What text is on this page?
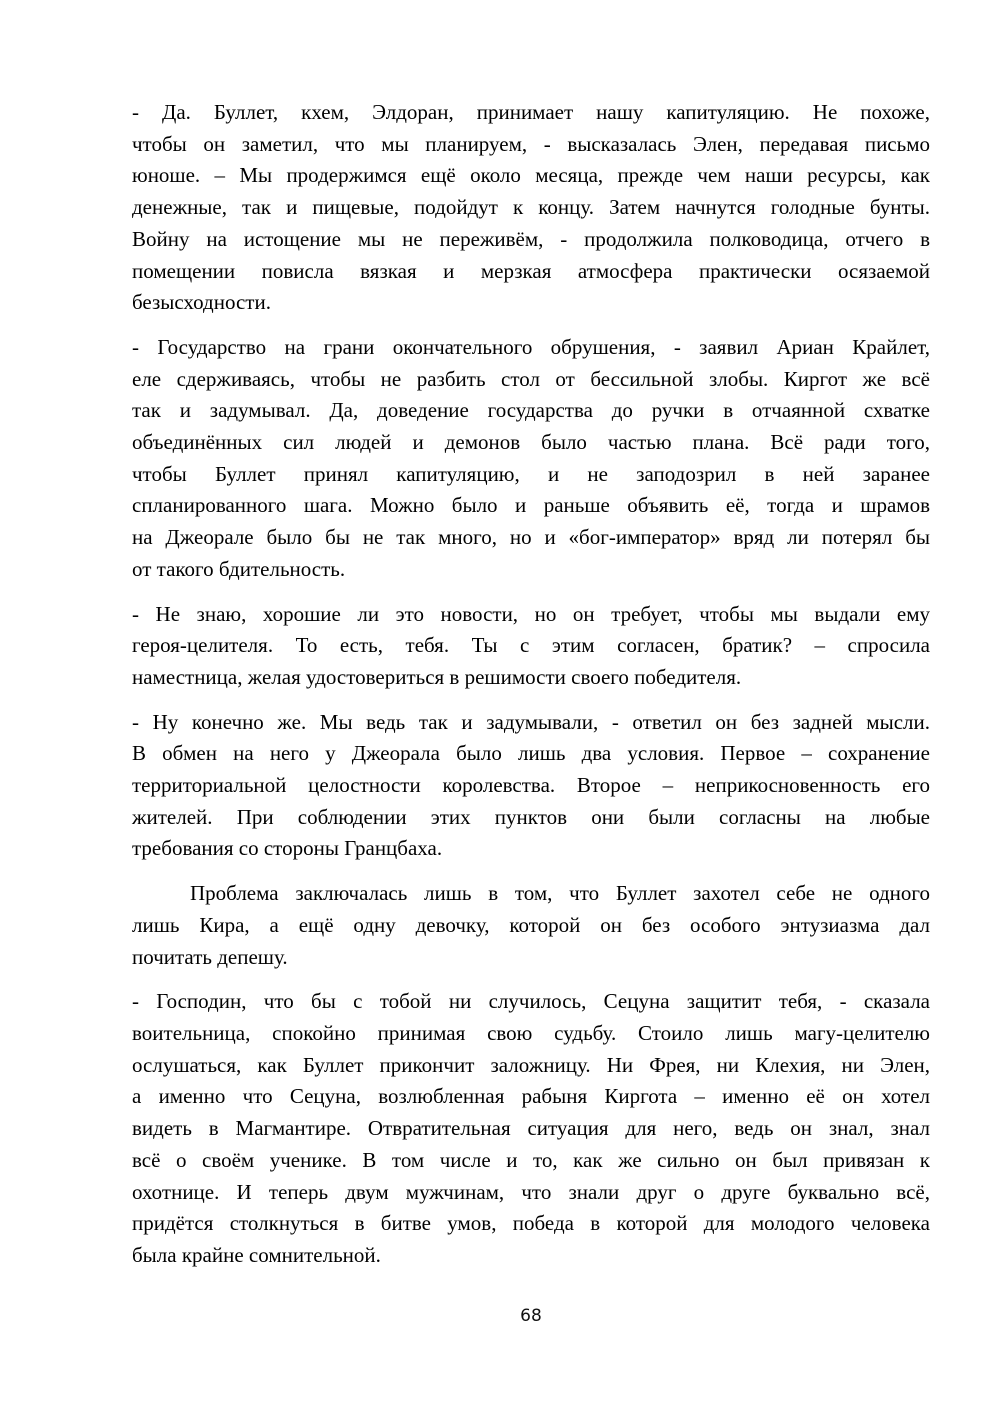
- Да. Буллет, кхем, Элдоран, принимает нашу капитуляцию. Не похоже,
чтобы он заметил, что мы планируем, - высказалась Элен, передавая письмо
юноше. – Мы продержимся ещё около месяца, прежде чем наши ресурсы, как
денежные, так и пищевые, подойдут к концу. Затем начнутся голодные бунты.
Войну на истощение мы не переживём, - продолжила полководица, отчего в
помещении повисла вязкая и мерзкая атмосфера практически осязаемой
безысходности.

- Государство на грани окончательного обрушения, - заявил Ариан Крайлет,
еле сдерживаясь, чтобы не разбить стол от бессильной злобы. Киргот же всё
так и задумывал. Да, доведение государства до ручки в отчаянной схватке
объединённых сил людей и демонов было частью плана. Всё ради того,
чтобы Буллет принял капитуляцию, и не заподозрил в ней заранее
спланированного шага. Можно было и раньше объявить её, тогда и шрамов
на Джеорале было бы не так много, но и «бог-император» вряд ли потерял бы
от такого бдительность.

- Не знаю, хорошие ли это новости, но он требует, чтобы мы выдали ему
героя-целителя. То есть, тебя. Ты с этим согласен, братик? – спросила
наместница, желая удостовериться в решимости своего победителя.

- Ну конечно же. Мы ведь так и задумывали, - ответил он без задней мысли.
В обмен на него у Джеорала было лишь два условия. Первое – сохранение
территориальной целостности королевства. Второе – неприкосновенность его
жителей. При соблюдении этих пунктов они были согласны на любые
требования со стороны Гранцбаха.

Проблема заключалась лишь в том, что Буллет захотел себе не одного
лишь Кира, а ещё одну девочку, которой он без особого энтузиазма дал
почитать депешу.

- Господин, что бы с тобой ни случилось, Сецуна защитит тебя, - сказала
воительница, спокойно принимая свою судьбу. Стоило лишь магу-целителю
ослушаться, как Буллет прикончит заложницу. Ни Фрея, ни Клехия, ни Элен,
а именно что Сецуна, возлюбленная рабыня Киргота – именно её он хотел
видеть в Магмантире. Отвратительная ситуация для него, ведь он знал, знал
всё о своём ученике. В том числе и то, как же сильно он был привязан к
охотнице. И теперь двум мужчинам, что знали друг о друге буквально всё,
придётся столкнуться в битве умов, победа в которой для молодого человека
была крайне сомнительной.

68
